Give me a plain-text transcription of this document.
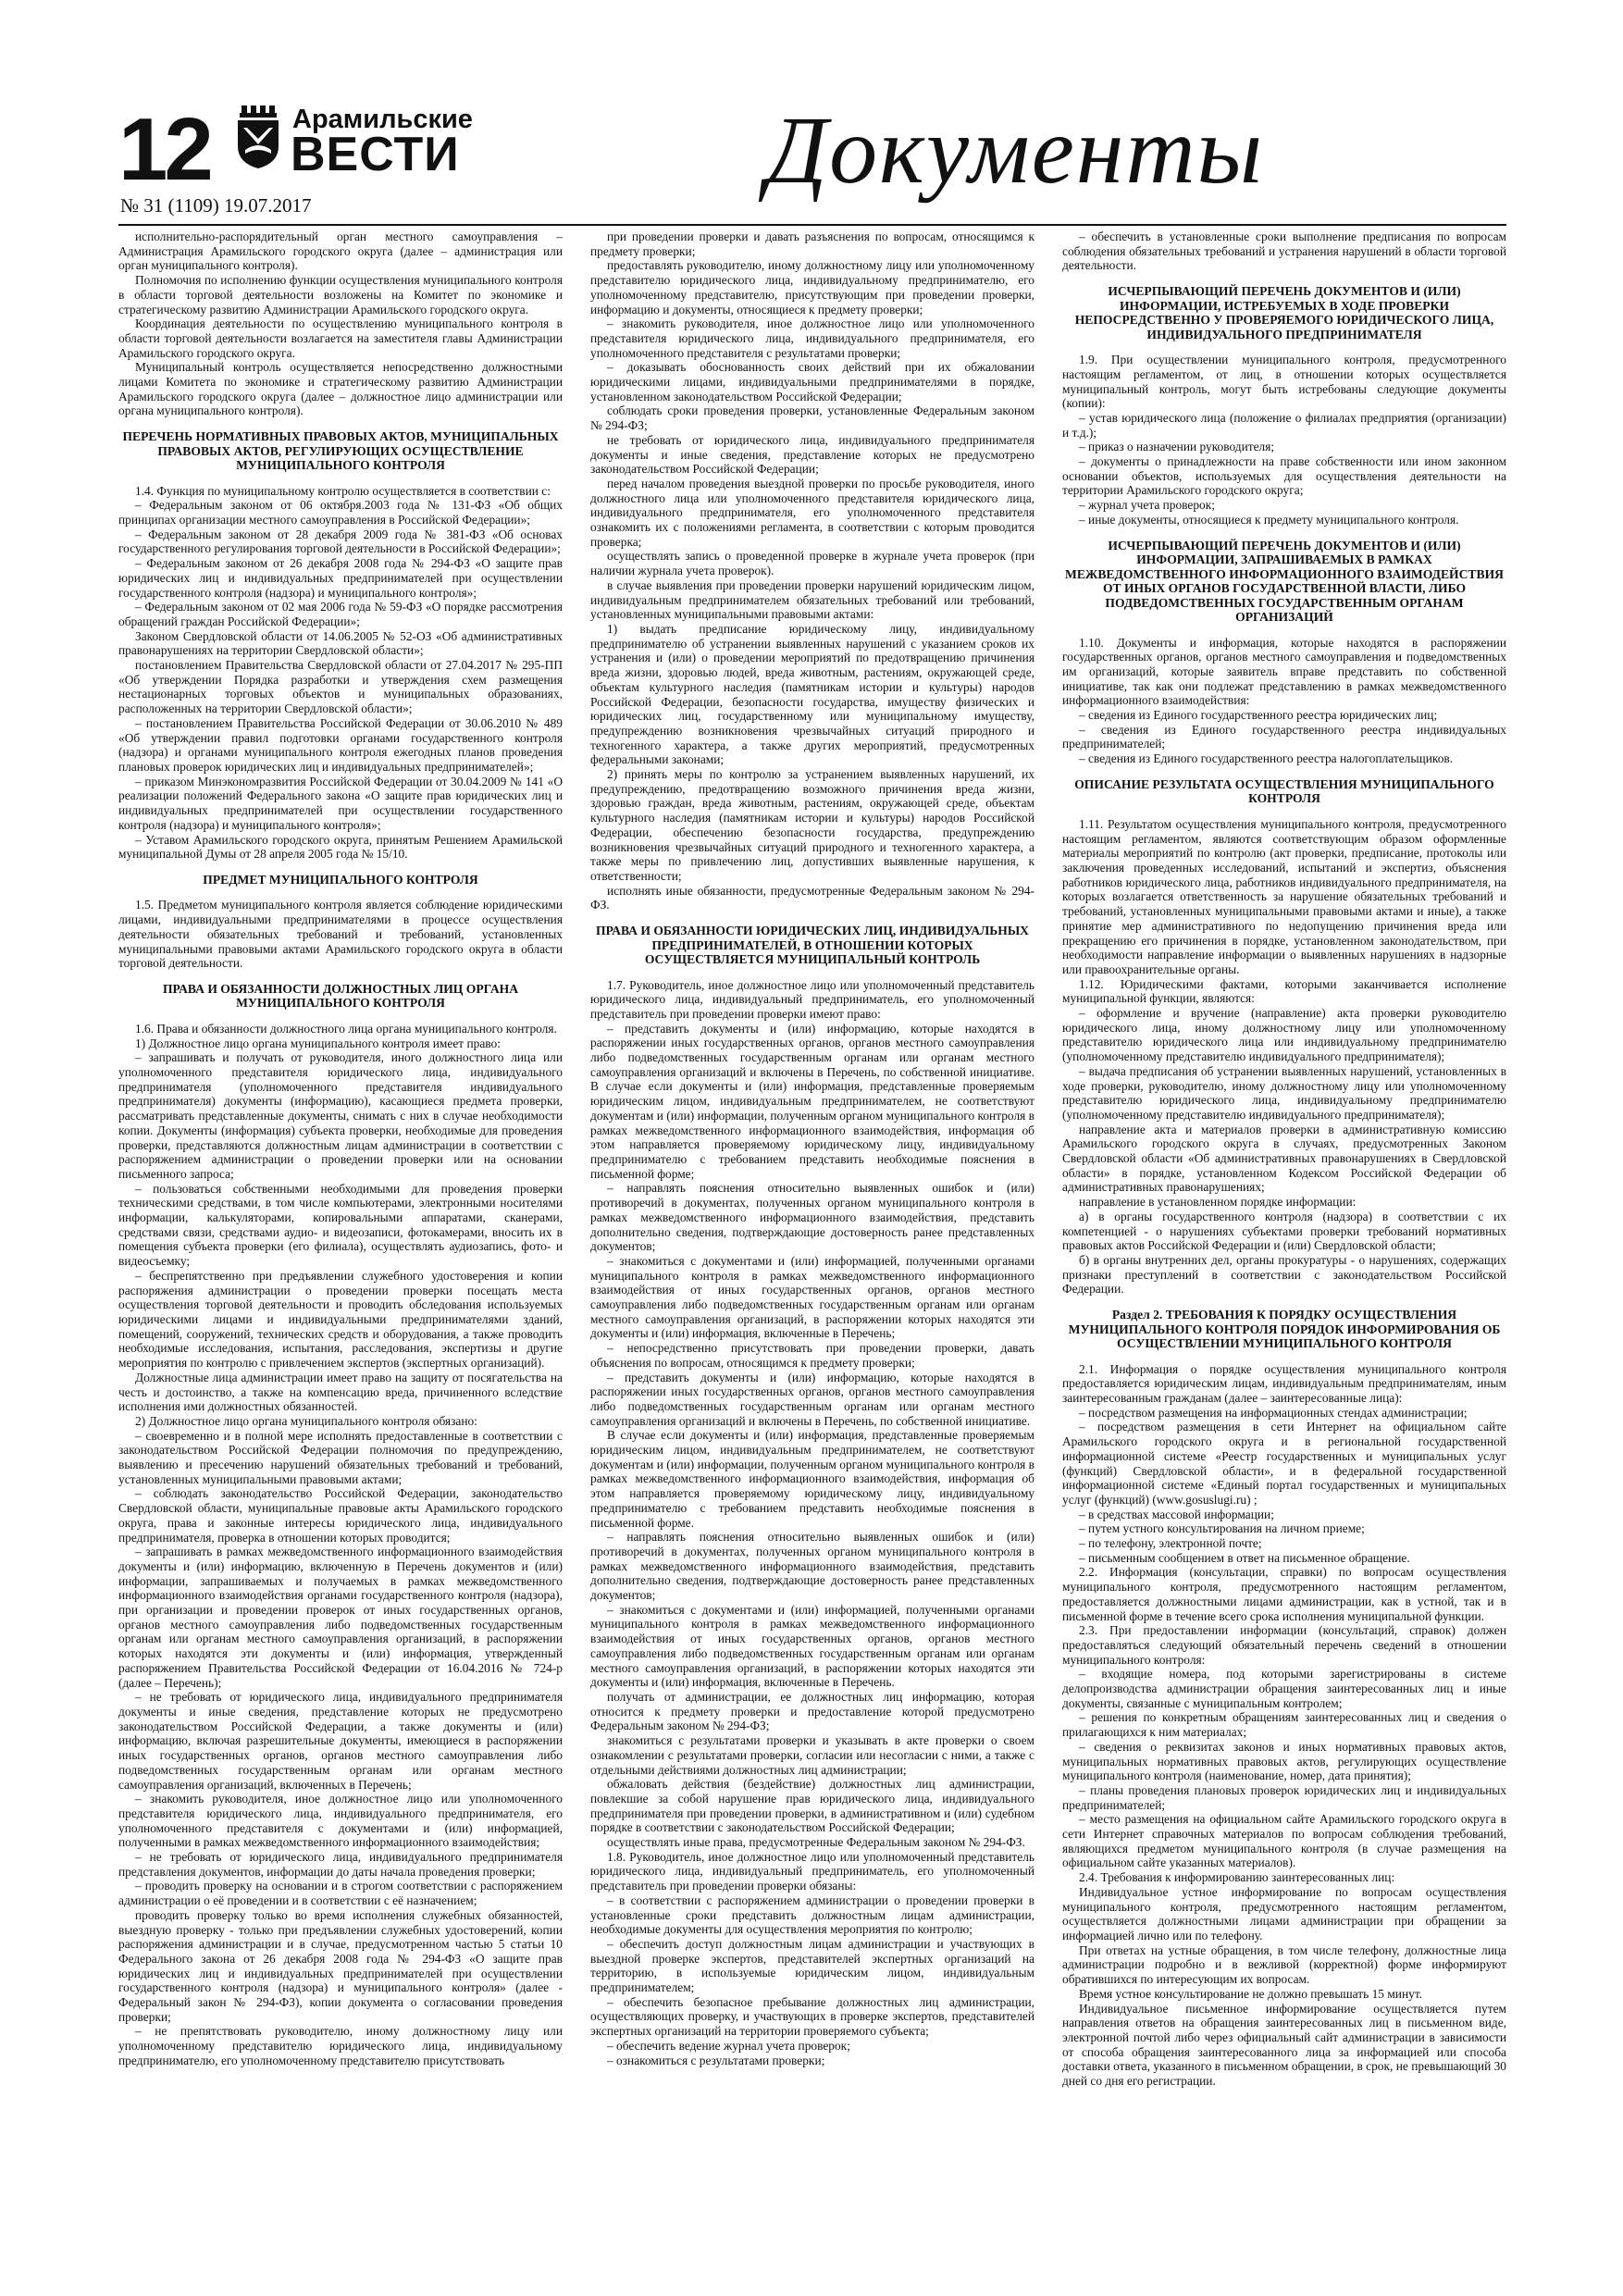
12	Арамильские
ВЕСТИ
№ 31 (1109) 19.07.2017
Документы

исполнительно-распорядительный орган местного самоуправления – Администрация Арамильского городского округа (далее – администрация или орган муниципального контроля).

Полномочия по исполнению функции осуществления муниципального контроля в области торговой деятельности возложены на Комитет по экономике и стратегическому развитию Администрации Арамильского городского округа.

Координация деятельности по осуществлению муниципального контроля в области торговой деятельности возлагается на заместителя главы Администрации Арамильского городского округа.

Муниципальный контроль осуществляется непосредственно должностными лицами Комитета по экономике и стратегическому развитию Администрации Арамильского городского округа (далее – должностное лицо администрации или органа муниципального контроля).

ПЕРЕЧЕНЬ НОРМАТИВНЫХ ПРАВОВЫХ АКТОВ, МУНИЦИПАЛЬНЫХ ПРАВОВЫХ АКТОВ, РЕГУЛИРУЮЩИХ ОСУЩЕСТВЛЕНИЕ МУНИЦИПАЛЬНОГО КОНТРОЛЯ

1.4. Функция по муниципальному контролю осуществляется в соответствии с:

– Федеральным законом от 06 октября.2003 года № 131-ФЗ «Об общих принципах организации местного самоуправления в Российской Федерации»;

– Федеральным законом от 28 декабря 2009 года № 381-ФЗ «Об основах государственного регулирования торговой деятельности в Российской Федерации»;

– Федеральным законом от 26 декабря 2008 года № 294-ФЗ «О защите прав юридических лиц и индивидуальных предпринимателей при осуществлении государственного контроля (надзора) и муниципального контроля»;

– Федеральным законом от 02 мая 2006 года № 59-ФЗ «О порядке рассмотрения обращений граждан Российской Федерации»;

Законом Свердловской области от 14.06.2005 № 52-ОЗ «Об административных правонарушениях на территории Свердловской области»;

постановлением Правительства Свердловской области от 27.04.2017 № 295-ПП «Об утверждении Порядка разработки и утверждения схем размещения нестационарных торговых объектов и муниципальных образованиях, расположенных на территории Свердловской области»;

– постановлением Правительства Российской Федерации от 30.06.2010 № 489 «Об утверждении правил подготовки органами государственного контроля (надзора) и органами муниципального контроля ежегодных планов проведения плановых проверок юридических лиц и индивидуальных предпринимателей»;

– приказом Минэкономразвития Российской Федерации от 30.04.2009 № 141 «О реализации положений Федерального закона «О защите прав юридических лиц и индивидуальных предпринимателей при осуществлении государственного контроля (надзора) и муниципального контроля»;

– Уставом Арамильского городского округа, принятым Решением Арамильской муниципальной Думы от 28 апреля 2005 года № 15/10.

ПРЕДМЕТ МУНИЦИПАЛЬНОГО КОНТРОЛЯ

1.5. Предметом муниципального контроля является соблюдение юридическими лицами, индивидуальными предпринимателями в процессе осуществления деятельности обязательных требований и требований, установленных муниципальными правовыми актами Арамильского городского округа в области торговой деятельности.

ПРАВА И ОБЯЗАННОСТИ ДОЛЖНОСТНЫХ ЛИЦ ОРГАНА МУНИЦИПАЛЬНОГО КОНТРОЛЯ

1.6. Права и обязанности должностного лица органа муниципального контроля.

1) Должностное лицо органа муниципального контроля имеет право:

– запрашивать и получать от руководителя, иного должностного лица или уполномоченного представителя юридического лица, индивидуального предпринимателя (уполномоченного представителя индивидуального предпринимателя) документы (информацию), касающиеся предмета проверки, рассматривать представленные документы, снимать с них в случае необходимости копии. Документы (информация) субъекта проверки, необходимые для проведения проверки, представляются должностным лицам администрации в соответствии с распоряжением администрации о проведении проверки или на основании письменного запроса;

– пользоваться собственными необходимыми для проведения проверки техническими средствами, в том числе компьютерами, электронными носителями информации, калькуляторами, копировальными аппаратами, сканерами, средствами связи, средствами аудио- и видеозаписи, фотокамерами, вносить их в помещения субъекта проверки (его филиала), осуществлять аудиозапись, фото- и видеосъемку;

– беспрепятственно при предъявлении служебного удостоверения и копии распоряжения администрации о проведении проверки посещать места осуществления торговой деятельности и проводить обследования используемых юридическими лицами и индивидуальными предпринимателями зданий, помещений, сооружений, технических средств и оборудования, а также проводить необходимые исследования, испытания, расследования, экспертизы и другие мероприятия по контролю с привлечением экспертов (экспертных организаций).

Должностные лица администрации имеет право на защиту от посягательства на честь и достоинство, а также на компенсацию вреда, причиненного вследствие исполнения ими должностных обязанностей.

2) Должностное лицо органа муниципального контроля обязано:

– своевременно и в полной мере исполнять предоставленные в соответствии с законодательством Российской Федерации полномочия по предупреждению, выявлению и пресечению нарушений обязательных требований и требований, установленных муниципальными правовыми актами;

– соблюдать законодательство Российской Федерации, законодательство Свердловской области, муниципальные правовые акты Арамильского городского округа, права и законные интересы юридического лица, индивидуального предпринимателя, проверка в отношении которых проводится;

– запрашивать в рамках межведомственного информационного взаимодействия документы и (или) информацию, включенную в Перечень документов и (или) информации, запрашиваемых и получаемых в рамках межведомственного информационного взаимодействия органами государственного контроля (надзора), при организации и проведении проверок от иных государственных органов, органов местного самоуправления либо подведомственных государственным органам или органам местного самоуправления организаций, в распоряжении которых находятся эти документы и (или) информация, утвержденный распоряжением Правительства Российской Федерации от 16.04.2016 № 724-р (далее – Перечень);

– не требовать от юридического лица, индивидуального предпринимателя документы и иные сведения, представление которых не предусмотрено законодательством Российской Федерации, а также документы и (или) информацию, включая разрешительные документы, имеющиеся в распоряжении иных государственных органов, органов местного самоуправления либо подведомственных государственным органам или органам местного самоуправления организаций, включенных в Перечень;

– знакомить руководителя, иное должностное лицо или уполномоченного представителя юридического лица, индивидуального предпринимателя, его уполномоченного представителя с документами и (или) информацией, полученными в рамках межведомственного информационного взаимодействия;

– не требовать от юридического лица, индивидуального предпринимателя представления документов, информации до даты начала проведения проверки;

– проводить проверку на основании и в строгом соответствии с распоряжением администрации о её проведении и в соответствии с её назначением;

проводить проверку только во время исполнения служебных обязанностей, выездную проверку - только при предъявлении служебных удостоверений, копии распоряжения администрации и в случае, предусмотренном частью 5 статьи 10 Федерального закона от 26 декабря 2008 года № 294-ФЗ «О защите прав юридических лиц и индивидуальных предпринимателей при осуществлении государственного контроля (надзора) и муниципального контроля» (далее - Федеральный закон № 294-ФЗ), копии документа о согласовании проведения проверки;

– не препятствовать руководителю, иному должностному лицу или уполномоченному представителю юридического лица, индивидуальному предпринимателю, его уполномоченному представителю присутствовать

при проведении проверки и давать разъяснения по вопросам, относящимся к предмету проверки;

предоставлять руководителю, иному должностному лицу или уполномоченному представителю юридического лица, индивидуальному предпринимателю, его уполномоченному представителю, присутствующим при проведении проверки, информацию и документы, относящиеся к предмету проверки;

– знакомить руководителя, иное должностное лицо или уполномоченного представителя юридического лица, индивидуального предпринимателя, его уполномоченного представителя с результатами проверки;

– доказывать обоснованность своих действий при их обжаловании юридическими лицами, индивидуальными предпринимателями в порядке, установленном законодательством Российской Федерации;

соблюдать сроки проведения проверки, установленные Федеральным законом № 294-ФЗ;

не требовать от юридического лица, индивидуального предпринимателя документы и иные сведения, представление которых не предусмотрено законодательством Российской Федерации;

перед началом проведения выездной проверки по просьбе руководителя, иного должностного лица или уполномоченного представителя юридического лица, индивидуального предпринимателя, его уполномоченного представителя ознакомить их с положениями регламента, в соответствии с которым проводится проверка;

осуществлять запись о проведенной проверке в журнале учета проверок (при наличии журнала учета проверок).

в случае выявления при проведении проверки нарушений юридическим лицом, индивидуальным предпринимателем обязательных требований или требований, установленных муниципальными правовыми актами:

1) выдать предписание юридическому лицу, индивидуальному предпринимателю об устранении выявленных нарушений с указанием сроков их устранения и (или) о проведении мероприятий по предотвращению причинения вреда жизни, здоровью людей, вреда животным, растениям, окружающей среде, объектам культурного наследия (памятникам истории и культуры) народов Российской Федерации, безопасности государства, имуществу физических и юридических лиц, государственному или муниципальному имуществу, предупреждению возникновения чрезвычайных ситуаций природного и техногенного характера, а также других мероприятий, предусмотренных федеральными законами;

2) принять меры по контролю за устранением выявленных нарушений, их предупреждению, предотвращению возможного причинения вреда жизни, здоровью граждан, вреда животным, растениям, окружающей среде, объектам культурного наследия (памятникам истории и культуры) народов Российской Федерации, обеспечению безопасности государства, предупреждению возникновения чрезвычайных ситуаций природного и техногенного характера, а также меры по привлечению лиц, допустивших выявленные нарушения, к ответственности;

исполнять иные обязанности, предусмотренные Федеральным законом № 294-ФЗ.

ПРАВА И ОБЯЗАННОСТИ ЮРИДИЧЕСКИХ ЛИЦ, ИНДИВИДУАЛЬНЫХ ПРЕДПРИНИМАТЕЛЕЙ, В ОТНОШЕНИИ КОТОРЫХ ОСУЩЕСТВЛЯЕТСЯ МУНИЦИПАЛЬНЫЙ КОНТРОЛЬ

1.7. Руководитель, иное должностное лицо или уполномоченный представитель юридического лица, индивидуальный предприниматель, его уполномоченный представитель при проведении проверки имеют право:

– представить документы и (или) информацию, которые находятся в распоряжении иных государственных органов, органов местного самоуправления либо подведомственных государственным органам или органам местного самоуправления организаций и включены в Перечень, по собственной инициативе. В случае если документы и (или) информация, представленные проверяемым юридическим лицом, индивидуальным предпринимателем, не соответствуют документам и (или) информации, полученным органом муниципального контроля в рамках межведомственного информационного взаимодействия, информация об этом направляется проверяемому юридическому лицу, индивидуальному предпринимателю с требованием представить необходимые пояснения в письменной форме;

– направлять пояснения относительно выявленных ошибок и (или) противоречий в документах, полученных органом муниципального контроля в рамках межведомственного информационного взаимодействия, представить дополнительно сведения, подтверждающие достоверность ранее представленных документов;

– знакомиться с документами и (или) информацией, полученными органами муниципального контроля в рамках межведомственного информационного взаимодействия от иных государственных органов, органов местного самоуправления либо подведомственных государственным органам или органам местного самоуправления организаций, в распоряжении которых находятся эти документы и (или) информация, включенные в Перечень;

– непосредственно присутствовать при проведении проверки, давать объяснения по вопросам, относящимся к предмету проверки;

– представить документы и (или) информацию, которые находятся в распоряжении иных государственных органов, органов местного самоуправления либо подведомственных государственным органам или органам местного самоуправления организаций и включены в Перечень, по собственной инициативе.

В случае если документы и (или) информация, представленные проверяемым юридическим лицом, индивидуальным предпринимателем, не соответствуют документам и (или) информации, полученным органом муниципального контроля в рамках межведомственного информационного взаимодействия, информация об этом направляется проверяемому юридическому лицу, индивидуальному предпринимателю с требованием представить необходимые пояснения в письменной форме.

– направлять пояснения относительно выявленных ошибок и (или) противоречий в документах, полученных органом муниципального контроля в рамках межведомственного информационного взаимодействия, представить дополнительно сведения, подтверждающие достоверность ранее представленных документов;

– знакомиться с документами и (или) информацией, полученными органами муниципального контроля в рамках межведомственного информационного взаимодействия от иных государственных органов, органов местного самоуправления либо подведомственных государственным органам или органам местного самоуправления организаций, в распоряжении которых находятся эти документы и (или) информация, включенные в Перечень.

получать от администрации, ее должностных лиц информацию, которая относится к предмету проверки и предоставление которой предусмотрено Федеральным законом № 294-ФЗ;

знакомиться с результатами проверки и указывать в акте проверки о своем ознакомлении с результатами проверки, согласии или несогласии с ними, а также с отдельными действиями должностных лиц администрации;

обжаловать действия (бездействие) должностных лиц администрации, повлекшие за собой нарушение прав юридического лица, индивидуального предпринимателя при проведении проверки, в административном и (или) судебном порядке в соответствии с законодательством Российской Федерации;

осуществлять иные права, предусмотренные Федеральным законом № 294-ФЗ.

1.8. Руководитель, иное должностное лицо или уполномоченный представитель юридического лица, индивидуальный предприниматель, его уполномоченный представитель при проведении проверки обязаны:

– в соответствии с распоряжением администрации о проведении проверки в установленные сроки представить должностным лицам администрации, необходимые документы для осуществления мероприятия по контролю;

– обеспечить доступ должностным лицам администрации и участвующих в выездной проверке экспертов, представителей экспертных организаций на территорию, в используемые юридическим лицом, индивидуальным предпринимателем;

– обеспечить безопасное пребывание должностных лиц администрации, осуществляющих проверку, и участвующих в проверке экспертов, представителей экспертных организаций на территории проверяемого субъекта;

– обеспечить ведение журнал учета проверок;

– ознакомиться с результатами проверки;

– обеспечить в установленные сроки выполнение предписания по вопросам соблюдения обязательных требований и устранения нарушений в области торговой деятельности.

ИСЧЕРПЫВАЮЩИЙ ПЕРЕЧЕНЬ ДОКУМЕНТОВ И (ИЛИ) ИНФОРМАЦИИ, ИСТРЕБУЕМЫХ В ХОДЕ ПРОВЕРКИ НЕПОСРЕДСТВЕННО У ПРОВЕРЯЕМОГО ЮРИДИЧЕСКОГО ЛИЦА, ИНДИВИДУАЛЬНОГО ПРЕДПРИНИМАТЕЛЯ

1.9. При осуществлении муниципального контроля, предусмотренного настоящим регламентом, от лиц, в отношении которых осуществляется муниципальный контроль, могут быть истребованы следующие документы (копии):

– устав юридического лица (положение о филиалах предприятия (организации) и т.д.);

– приказ о назначении руководителя;

– документы о принадлежности на праве собственности или ином законном основании объектов, используемых для осуществления деятельности на территории Арамильского городского округа;

– журнал учета проверок;

– иные документы, относящиеся к предмету муниципального контроля.

ИСЧЕРПЫВАЮЩИЙ ПЕРЕЧЕНЬ ДОКУМЕНТОВ И (ИЛИ) ИНФОРМАЦИИ, ЗАПРАШИВАЕМЫХ В РАМКАХ МЕЖВЕДОМСТВЕННОГО ИНФОРМАЦИОННОГО ВЗАИМОДЕЙСТВИЯ ОТ ИНЫХ ОРГАНОВ ГОСУДАРСТВЕННОЙ ВЛАСТИ, ЛИБО ПОДВЕДОМСТВЕННЫХ ГОСУДАРСТВЕННЫМ ОРГАНАМ ОРГАНИЗАЦИЙ

1.10. Документы и информация, которые находятся в распоряжении государственных органов, органов местного самоуправления и подведомственных им организаций, которые заявитель вправе представить по собственной инициативе, так как они подлежат представлению в рамках межведомственного информационного взаимодействия:

– сведения из Единого государственного реестра юридических лиц;

– сведения из Единого государственного реестра индивидуальных предпринимателей;

– сведения из Единого государственного реестра налогоплательщиков.

ОПИСАНИЕ РЕЗУЛЬТАТА ОСУЩЕСТВЛЕНИЯ МУНИЦИПАЛЬНОГО КОНТРОЛЯ

1.11. Результатом осуществления муниципального контроля, предусмотренного настоящим регламентом, являются соответствующим образом оформленные материалы мероприятий по контролю (акт проверки, предписание, протоколы или заключения проведенных исследований, испытаний и экспертиз, объяснения работников юридического лица, работников индивидуального предпринимателя, на которых возлагается ответственность за нарушение обязательных требований и требований, установленных муниципальными правовыми актами и иные), а также принятие мер административного по недопущению причинения вреда или прекращению его причинения в порядке, установленном законодательством, при необходимости направление информации о выявленных нарушениях в надзорные или правоохранительные органы.

1.12. Юридическими фактами, которыми заканчивается исполнение муниципальной функции, являются:

– оформление и вручение (направление) акта проверки руководителю юридического лица, иному должностному лицу или уполномоченному представителю юридического лица или индивидуальному предпринимателю (уполномоченному представителю индивидуального предпринимателя);

– выдача предписания об устранении выявленных нарушений, установленных в ходе проверки, руководителю, иному должностному лицу или уполномоченному представителю юридического лица, индивидуальному предпринимателю (уполномоченному представителю индивидуального предпринимателя);

направление акта и материалов проверки в административную комиссию Арамильского городского округа в случаях, предусмотренных Законом Свердловской области «Об административных правонарушениях в Свердловской области» в порядке, установленном Кодексом Российской Федерации об административных правонарушениях;

направление в установленном порядке информации:

а) в органы государственного контроля (надзора) в соответствии с их компетенцией - о нарушениях субъектами проверки требований нормативных правовых актов Российской Федерации и (или) Свердловской области;

б) в органы внутренних дел, органы прокуратуры - о нарушениях, содержащих признаки преступлений в соответствии с законодательством Российской Федерации.

Раздел 2. ТРЕБОВАНИЯ К ПОРЯДКУ ОСУЩЕСТВЛЕНИЯ МУНИЦИПАЛЬНОГО КОНТРОЛЯ ПОРЯДОК ИНФОРМИРОВАНИЯ ОБ ОСУЩЕСТВЛЕНИИ МУНИЦИПАЛЬНОГО КОНТРОЛЯ

2.1. Информация о порядке осуществления муниципального контроля предоставляется юридическим лицам, индивидуальным предпринимателям, иным заинтересованным гражданам (далее – заинтересованные лица):

– посредством размещения на информационных стендах администрации;

– посредством размещения в сети Интернет на официальном сайте Арамильского городского округа и в региональной государственной информационной системе «Реестр государственных и муниципальных услуг (функций) Свердловской области», и в федеральной государственной информационной системе «Единый портал государственных и муниципальных услуг (функций) (www.gosuslugi.ru) ;

– в средствах массовой информации;

– путем устного консультирования на личном приеме;

– по телефону, электронной почте;

– письменным сообщением в ответ на письменное обращение.

2.2. Информация (консультации, справки) по вопросам осуществления муниципального контроля, предусмотренного настоящим регламентом, предоставляется должностными лицами администрации, как в устной, так и в письменной форме в течение всего срока исполнения муниципальной функции.

2.3. При предоставлении информации (консультаций, справок) должен предоставляться следующий обязательный перечень сведений в отношении муниципального контроля:

– входящие номера, под которыми зарегистрированы в системе делопроизводства администрации обращения заинтересованных лиц и иные документы, связанные с муниципальным контролем;

– решения по конкретным обращениям заинтересованных лиц и сведения о прилагающихся к ним материалах;

– сведения о реквизитах законов и иных нормативных правовых актов, муниципальных нормативных правовых актов, регулирующих осуществление муниципального контроля (наименование, номер, дата принятия);

– планы проведения плановых проверок юридических лиц и индивидуальных предпринимателей;

– место размещения на официальном сайте Арамильского городского округа в сети Интернет справочных материалов по вопросам соблюдения требований, являющихся предметом муниципального контроля (в случае размещения на официальном сайте указанных материалов).

2.4. Требования к информированию заинтересованных лиц:

Индивидуальное устное информирование по вопросам осуществления муниципального контроля, предусмотренного настоящим регламентом, осуществляется должностными лицами администрации при обращении за информацией лично или по телефону.

При ответах на устные обращения, в том числе телефону, должностные лица администрации подробно и в вежливой (корректной) форме информируют обратившихся по интересующим их вопросам.

Время устное консультирование не должно превышать 15 минут.

Индивидуальное письменное информирование осуществляется путем направления ответов на обращения заинтересованных лиц в письменном виде, электронной почтой либо через официальный сайт администрации в зависимости от способа обращения заинтересованного лица за информацией или способа доставки ответа, указанного в письменном обращении, в срок, не превышающий 30 дней со дня его регистрации.
